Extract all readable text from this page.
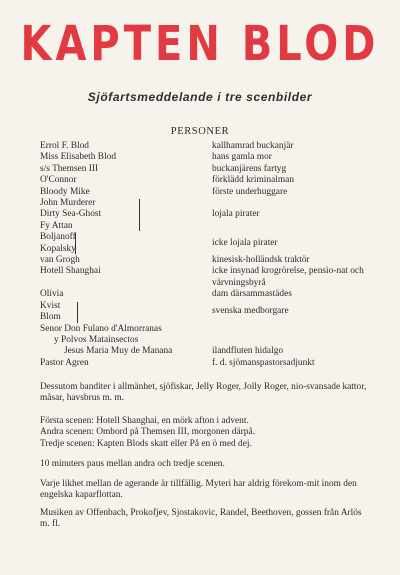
KAPTEN BLOD
Sjöfartsmeddelande i tre scenbilder
PERSONER
Errol F. Blod	kallhamrad buckanjär
Miss Elisabeth Blod	hans gamla mor
s/s Themsen III	buckanjärens fartyg
O'Connor	förklädd kriminalman
Bloody Mike	förste underhuggare
John Murderer
Dirty Sea-Ghost
Fy Attan
lojala pirater
Boljanoff
Kopalsky
icke lojala pirater
van Grogh	kinesisk-holländsk traktör
Hotell Shanghai	icke insynad krogrörelse, pensio-nat och värvningsbyrå
Olivia	dam därsammastädes
Kvist
Blom
svenska medborgare
Senor Don Fulano d'Almorranas
y Polvos Matainsectos
Jesus Maria Muy de Manana	ilandfluten hidalgo
Pastor Agren	f. d. sjömanspastorsadjunkt
Dessutom banditer i allmänhet, sjöfiskar, Jelly Roger, Jolly Roger, nio-svansade kattor, måsar, havsbrus m. m.
Första scenen: Hotell Shanghai, en mörk afton i advent.
Andra scenen: Ombord på Themsen III, morgonen därpå.
Tredje scenen: Kapten Blods skatt eller På en ö med dej.
10 minuters paus mellan andra och tredje scenen.
Varje likhet mellan de agerande är tillfällig. Myteri har aldrig förekom-mit inom den engelska kaparflottan.
Musiken av Offenbach, Prokofjev, Sjostakovic, Randel, Beethoven, gossen från Arlös m. fl.
